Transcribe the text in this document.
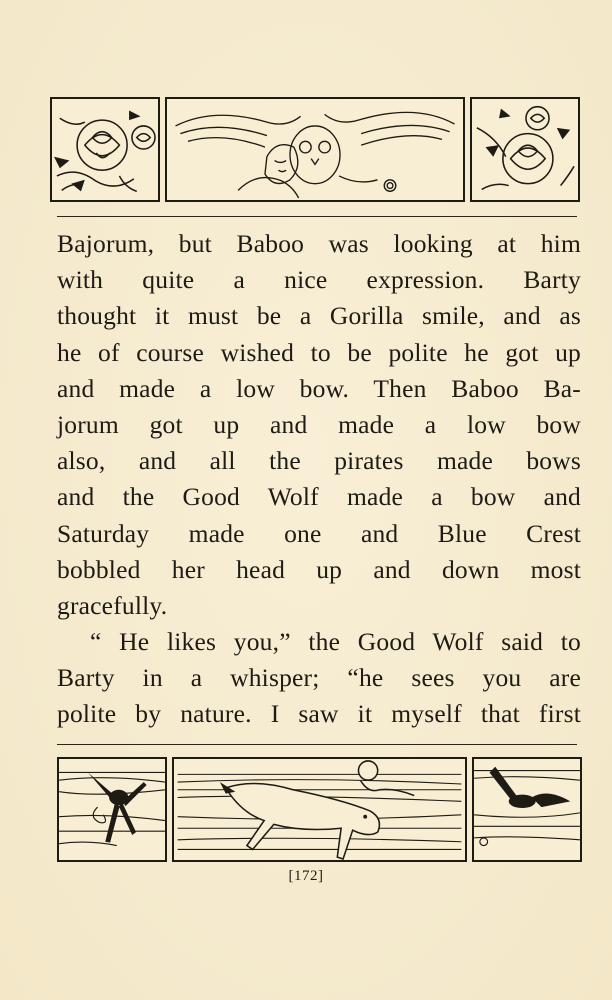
Bajorum, but Baboo was looking at him
with quite a nice expression. Barty
thought it must be a Gorilla smile, and as
he of course wished to be polite he got up
and made a low bow. Then Baboo Ba-
jorum got up and made a low bow
also, and all the pirates made bows
and the Good Wolf made a bow and
Saturday made one and Blue Crest
bobbled her head up and down most
gracefully.
“ He likes you,” the Good Wolf said to
Barty in a whisper; “he sees you are
polite by nature. I saw it myself that first
[172]
